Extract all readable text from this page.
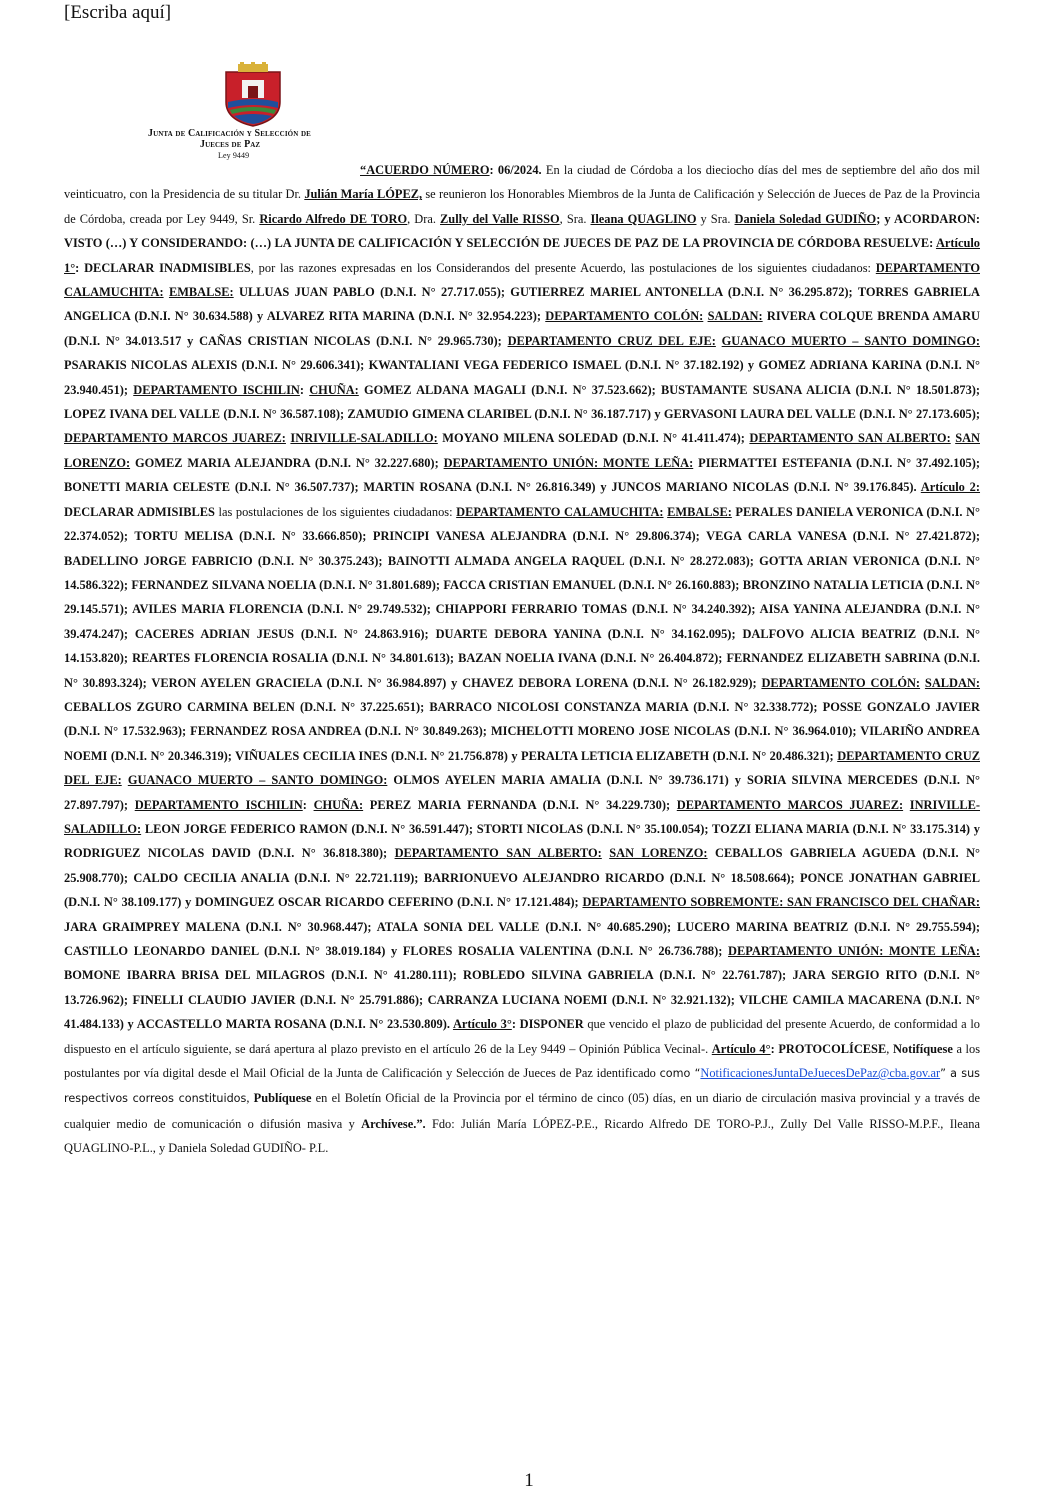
[Escriba aquí]
Junta de Calificación y Selección de
Jueces de Paz
Ley 9449
“ACUERDO NÚMERO: 06/2024. En la ciudad de Córdoba a los dieciocho días del mes de septiembre del año dos mil veinticuatro, con la Presidencia de su titular Dr. Julián María LÓPEZ, se reunieron los Honorables Miembros de la Junta de Calificación y Selección de Jueces de Paz de la Provincia de Córdoba, creada por Ley 9449, Sr. Ricardo Alfredo DE TORO, Dra. Zully del Valle RISSO, Sra. Ileana QUAGLINO y Sra. Daniela Soledad GUDIÑO; y ACORDARON: VISTO (…) Y CONSIDERANDO: (…) LA JUNTA DE CALIFICACIÓN Y SELECCIÓN DE JUECES DE PAZ DE LA PROVINCIA DE CÓRDOBA RESUELVE: Artículo 1°: DECLARAR INADMISIBLES, por las razones expresadas en los Considerandos del presente Acuerdo, las postulaciones de los siguientes ciudadanos: DEPARTAMENTO CALAMUCHITA: EMBALSE: ULLUAS JUAN PABLO (D.N.I. N° 27.717.055); GUTIERREZ MARIEL ANTONELLA (D.N.I. N° 36.295.872); TORRES GABRIELA ANGELICA (D.N.I. N° 30.634.588) y ALVAREZ RITA MARINA (D.N.I. N° 32.954.223); DEPARTAMENTO COLÓN: SALDAN: RIVERA COLQUE BRENDA AMARU (D.N.I. N° 34.013.517 y CAÑAS CRISTIAN NICOLAS (D.N.I. N° 29.965.730); DEPARTAMENTO CRUZ DEL EJE: GUANACO MUERTO – SANTO DOMINGO: PSARAKIS NICOLAS ALEXIS (D.N.I. N° 29.606.341); KWANTALIANI VEGA FEDERICO ISMAEL (D.N.I. N° 37.182.192) y GOMEZ ADRIANA KARINA (D.N.I. N° 23.940.451); DEPARTAMENTO ISCHILIN: CHUÑA: GOMEZ ALDANA MAGALI (D.N.I. N° 37.523.662); BUSTAMANTE SUSANA ALICIA (D.N.I. N° 18.501.873); LOPEZ IVANA DEL VALLE (D.N.I. N° 36.587.108); ZAMUDIO GIMENA CLARIBEL (D.N.I. N° 36.187.717) y GERVASONI LAURA DEL VALLE (D.N.I. N° 27.173.605); DEPARTAMENTO MARCOS JUAREZ: INRIVILLE-SALADILLO: MOYANO MILENA SOLEDAD (D.N.I. N° 41.411.474); DEPARTAMENTO SAN ALBERTO: SAN LORENZO: GOMEZ MARIA ALEJANDRA (D.N.I. N° 32.227.680); DEPARTAMENTO UNIÓN: MONTE LEÑA: PIERMATTEI ESTEFANIA (D.N.I. N° 37.492.105); BONETTI MARIA CELESTE (D.N.I. N° 36.507.737); MARTIN ROSANA (D.N.I. N° 26.816.349) y JUNCOS MARIANO NICOLAS (D.N.I. N° 39.176.845). Artículo 2: DECLARAR ADMISIBLES las postulaciones de los siguientes ciudadanos: DEPARTAMENTO CALAMUCHITA: EMBALSE: PERALES DANIELA VERONICA (D.N.I. N° 22.374.052); TORTU MELISA (D.N.I. N° 33.666.850); PRINCIPI VANESA ALEJANDRA (D.N.I. N° 29.806.374); VEGA CARLA VANESA (D.N.I. N° 27.421.872); BADELLINO JORGE FABRICIO (D.N.I. N° 30.375.243); BAINOTTI ALMADA ANGELA RAQUEL (D.N.I. N° 28.272.083); GOTTA ARIAN VERONICA (D.N.I. N° 14.586.322); FERNANDEZ SILVANA NOELIA (D.N.I. N° 31.801.689); FACCA CRISTIAN EMANUEL (D.N.I. N° 26.160.883); BRONZINO NATALIA LETICIA (D.N.I. N° 29.145.571); AVILES MARIA FLORENCIA (D.N.I. N° 29.749.532); CHIAPPORI FERRARIO TOMAS (D.N.I. N° 34.240.392); AISA YANINA ALEJANDRA (D.N.I. N° 39.474.247); CACERES ADRIAN JESUS (D.N.I. N° 24.863.916); DUARTE DEBORA YANINA (D.N.I. N° 34.162.095); DALFOVO ALICIA BEATRIZ (D.N.I. N° 14.153.820); REARTES FLORENCIA ROSALIA (D.N.I. N° 34.801.613); BAZAN NOELIA IVANA (D.N.I. N° 26.404.872); FERNANDEZ ELIZABETH SABRINA (D.N.I. N° 30.893.324); VERON AYELEN GRACIELA (D.N.I. N° 36.984.897) y CHAVEZ DEBORA LORENA (D.N.I. N° 26.182.929); DEPARTAMENTO COLÓN: SALDAN: CEBALLOS ZGURO CARMINA BELEN (D.N.I. N° 37.225.651); BARRACO NICOLOSI CONSTANZA MARIA (D.N.I. N° 32.338.772); POSSE GONZALO JAVIER (D.N.I. N° 17.532.963); FERNANDEZ ROSA ANDREA (D.N.I. N° 30.849.263); MICHELOTTI MORENO JOSE NICOLAS (D.N.I. N° 36.964.010); VILARIÑO ANDREA NOEMI (D.N.I. N° 20.346.319); VIÑUALES CECILIA INES (D.N.I. N° 21.756.878) y PERALTA LETICIA ELIZABETH (D.N.I. N° 20.486.321); DEPARTAMENTO CRUZ DEL EJE: GUANACO MUERTO – SANTO DOMINGO: OLMOS AYELEN MARIA AMALIA (D.N.I. N° 39.736.171) y SORIA SILVINA MERCEDES (D.N.I. N° 27.897.797); DEPARTAMENTO ISCHILIN: CHUÑA: PEREZ MARIA FERNANDA (D.N.I. N° 34.229.730); DEPARTAMENTO MARCOS JUAREZ: INRIVILLE- SALADILLO: LEON JORGE FEDERICO RAMON (D.N.I. N° 36.591.447); STORTI NICOLAS (D.N.I. N° 35.100.054); TOZZI ELIANA MARIA (D.N.I. N° 33.175.314) y RODRIGUEZ NICOLAS DAVID (D.N.I. N° 36.818.380); DEPARTAMENTO SAN ALBERTO: SAN LORENZO: CEBALLOS GABRIELA AGUEDA (D.N.I. N° 25.908.770); CALDO CECILIA ANALIA (D.N.I. N° 22.721.119); BARRIONUEVO ALEJANDRO RICARDO (D.N.I. N° 18.508.664); PONCE JONATHAN GABRIEL (D.N.I. N° 38.109.177) y DOMINGUEZ OSCAR RICARDO CEFERINO (D.N.I. N° 17.121.484); DEPARTAMENTO SOBREMONTE: SAN FRANCISCO DEL CHAÑAR: JARA GRAIMPREY MALENA (D.N.I. N° 30.968.447); ATALA SONIA DEL VALLE (D.N.I. N° 40.685.290); LUCERO MARINA BEATRIZ (D.N.I. N° 29.755.594); CASTILLO LEONARDO DANIEL (D.N.I. N° 38.019.184) y FLORES ROSALIA VALENTINA (D.N.I. N° 26.736.788); DEPARTAMENTO UNIÓN: MONTE LEÑA: BOMONE IBARRA BRISA DEL MILAGROS (D.N.I. N° 41.280.111); ROBLEDO SILVINA GABRIELA (D.N.I. N° 22.761.787); JARA SERGIO RITO (D.N.I. N° 13.726.962); FINELLI CLAUDIO JAVIER (D.N.I. N° 25.791.886); CARRANZA LUCIANA NOEMI (D.N.I. N° 32.921.132); VILCHE CAMILA MACARENA (D.N.I. N° 41.484.133) y ACCASTELLO MARTA ROSANA (D.N.I. N° 23.530.809). Artículo 3°: DISPONER que vencido el plazo de publicidad del presente Acuerdo, de conformidad a lo dispuesto en el artículo siguiente, se dará apertura al plazo previsto en el artículo 26 de la Ley 9449 – Opinión Pública Vecinal-. Artículo 4°: PROTOCOLÍCESE, Notifíquese a los postulantes por vía digital desde el Mail Oficial de la Junta de Calificación y Selección de Jueces de Paz identificado como “NotificacionesJuntaDeJuecesDePaz@cba.gov.ar” a sus respectivos correos constituidos, Publíquese en el Boletín Oficial de la Provincia por el término de cinco (05) días, en un diario de circulación masiva provincial y a través de cualquier medio de comunicación o difusión masiva y Archívese.”. Fdo: Julián María LÓPEZ-P.E., Ricardo Alfredo DE TORO-P.J., Zully Del Valle RISSO-M.P.F., Ileana QUAGLINO-P.L., y Daniela Soledad GUDIÑO- P.L.
1
